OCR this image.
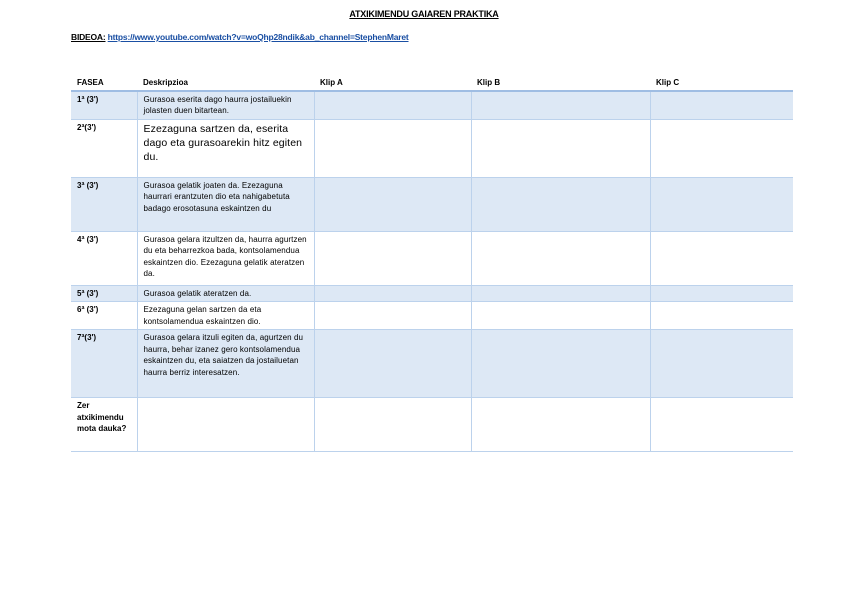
ATXIKIMENDU GAIAREN PRAKTIKA
BIDEOA: https://www.youtube.com/watch?v=woQhp28ndik&ab_channel=StephenMaret
FASEA	Deskripzioa	Klip A	Klip B	Klip C
1ª (3')	Gurasoa eserita dago haurra jostailuekin jolasten duen bitartean.			
2ª(3')	Ezezaguna sartzen da, eserita dago eta gurasoarekin hitz egiten du.			
3ª (3')	Gurasoa gelatik joaten da. Ezezaguna haurrari erantzuten dio eta nahigabetuta badago erosotasuna eskaintzen du			
4ª (3')	Gurasoa gelara itzultzen da, haurra agurtzen du eta beharrezkoa bada, kontsolamendua eskaintzen dio. Ezezaguna gelatik ateratzen da.			
5ª (3')	Gurasoa gelatik ateratzen da.			
6ª (3')	Ezezaguna gelan sartzen da eta kontsolamendua eskaintzen dio.			
7ª(3')	Gurasoa gelara itzuli egiten da, agurtzen du haurra, behar izanez gero kontsolamendua eskaintzen du, eta saiatzen da jostailuetan haurra berriz interesatzen.			
Zer atxikimendu mota dauka?				
